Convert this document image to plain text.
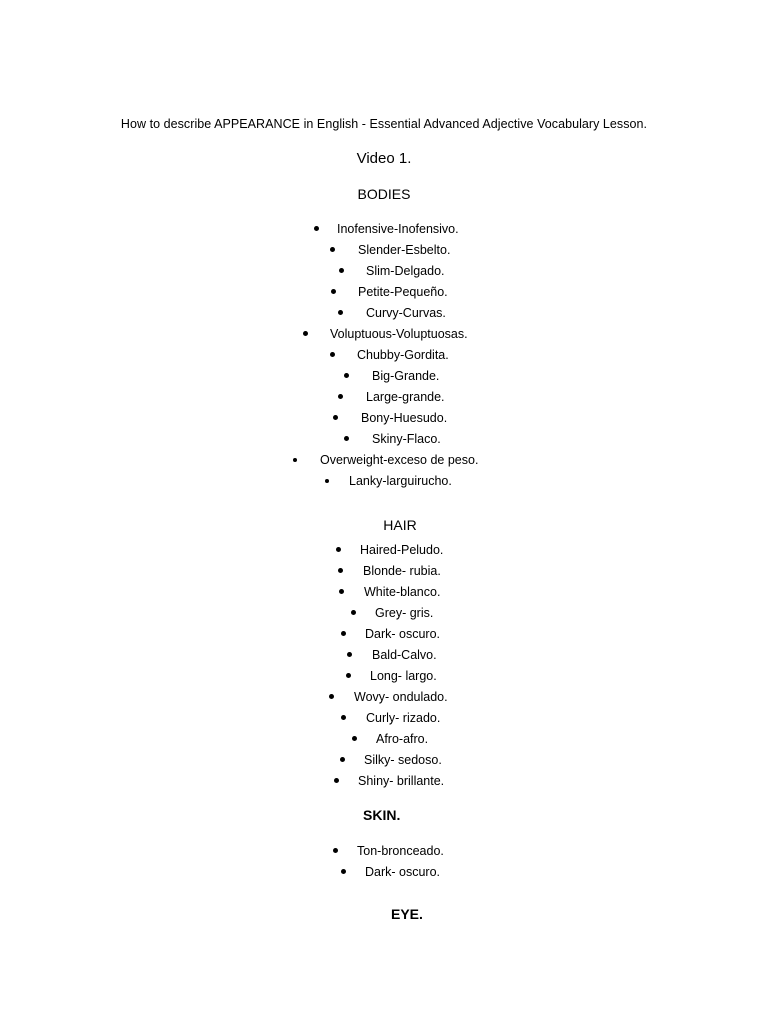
How to describe APPEARANCE in English - Essential Advanced Adjective Vocabulary Lesson.
Video 1.
BODIES
Inofensive-Inofensivo.
Slender-Esbelto.
Slim-Delgado.
Petite-Pequeño.
Curvy-Curvas.
Voluptuous-Voluptuosas.
Chubby-Gordita.
Big-Grande.
Large-grande.
Bony-Huesudo.
Skiny-Flaco.
Overweight-exceso de peso.
Lanky-larguirucho.
HAIR
Haired-Peludo.
Blonde- rubia.
White-blanco.
Grey- gris.
Dark- oscuro.
Bald-Calvo.
Long- largo.
Wovy- ondulado.
Curly- rizado.
Afro-afro.
Silky- sedoso.
Shiny- brillante.
SKIN.
Ton-bronceado.
Dark- oscuro.
EYE.
